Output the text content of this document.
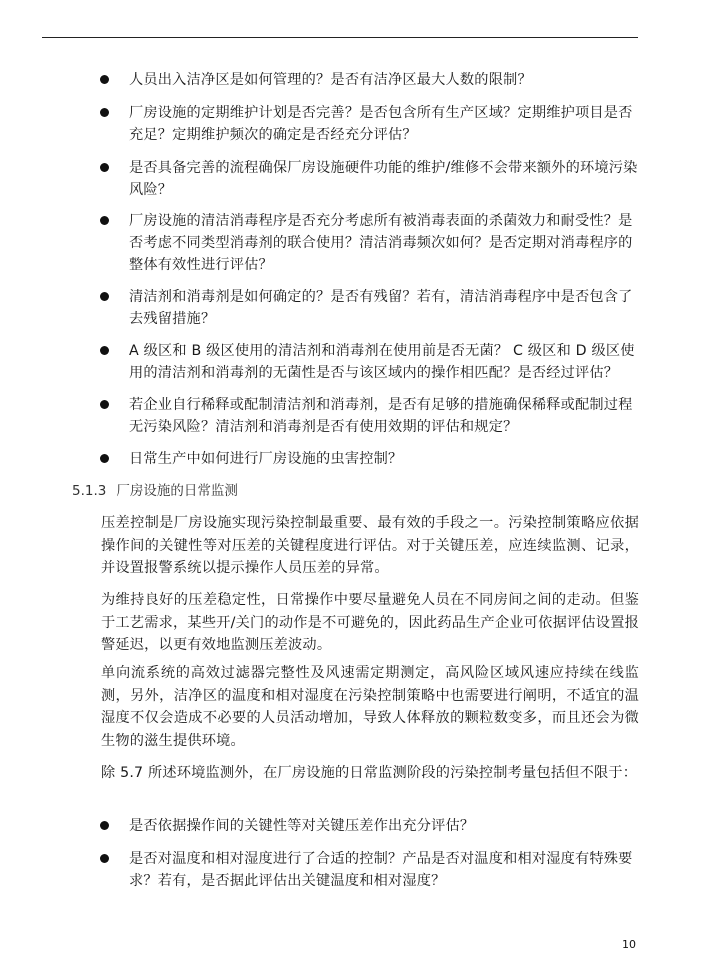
人员出入洁净区是如何管理的？是否有洁净区最大人数的限制？
厂房设施的定期维护计划是否完善？是否包含所有生产区域？定期维护项目是否充足？定期维护频次的确定是否经充分评估？
是否具备完善的流程确保厂房设施硬件功能的维护/维修不会带来额外的环境污染风险？
厂房设施的清洁消毒程序是否充分考虑所有被消毒表面的杀菌效力和耐受性？是否考虑不同类型消毒剂的联合使用？清洁消毒频次如何？是否定期对消毒程序的整体有效性进行评估？
清洁剂和消毒剂是如何确定的？是否有残留？若有，清洁消毒程序中是否包含了去残留措施？
A 级区和 B 级区使用的清洁剂和消毒剂在使用前是否无菌？ C 级区和 D 级区使用的清洁剂和消毒剂的无菌性是否与该区域内的操作相匹配？是否经过评估？
若企业自行稀释或配制清洁剂和消毒剂，是否有足够的措施确保稀释或配制过程无污染风险？清洁剂和消毒剂是否有使用效期的评估和规定？
日常生产中如何进行厂房设施的虫害控制？
5.1.3 厂房设施的日常监测
压差控制是厂房设施实现污染控制最重要、最有效的手段之一。污染控制策略应依据操作间的关键性等对压差的关键程度进行评估。对于关键压差，应连续监测、记录，并设置报警系统以提示操作人员压差的异常。
为维持良好的压差稳定性，日常操作中要尽量避免人员在不同房间之间的走动。但鉴于工艺需求，某些开/关门的动作是不可避免的，因此药品生产企业可依据评估设置报警延迟，以更有效地监测压差波动。
单向流系统的高效过滤器完整性及风速需定期测定，高风险区域风速应持续在线监测，另外，洁净区的温度和相对湿度在污染控制策略中也需要进行阐明，不适宜的温湿度不仅会造成不必要的人员活动增加，导致人体释放的颗粒数变多，而且还会为微生物的滋生提供环境。
除 5.7 所述环境监测外，在厂房设施的日常监测阶段的污染控制考量包括但不限于：
是否依据操作间的关键性等对关键压差作出充分评估？
是否对温度和相对湿度进行了合适的控制？产品是否对温度和相对湿度有特殊要求？若有，是否据此评估出关键温度和相对湿度？
10
